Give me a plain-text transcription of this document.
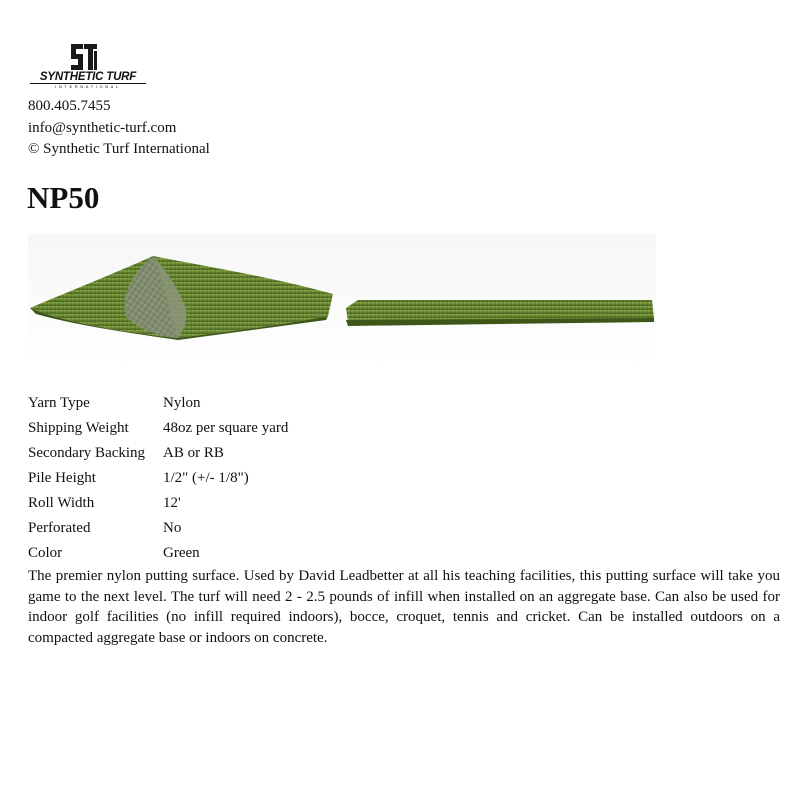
SYNTHETIC TURF
INTERNATIONAL
800.405.7455
info@synthetic-turf.com
© Synthetic Turf International
NP50
Yarn Type	Nylon
Shipping Weight	48oz per square yard
Secondary Backing	AB or RB
Pile Height	1/2" (+/- 1/8")
Roll Width	12'
Perforated	No
Color	Green

The premier nylon putting surface. Used by David Leadbetter at all his teaching facilities, this putting surface will take you game to the next level. The turf will need 2 - 2.5 pounds of infill when installed on an aggregate base. Can also be used for indoor golf facilities (no infill required indoors), bocce, croquet, tennis and cricket. Can be installed outdoors on a compacted aggregate base or indoors on concrete.
